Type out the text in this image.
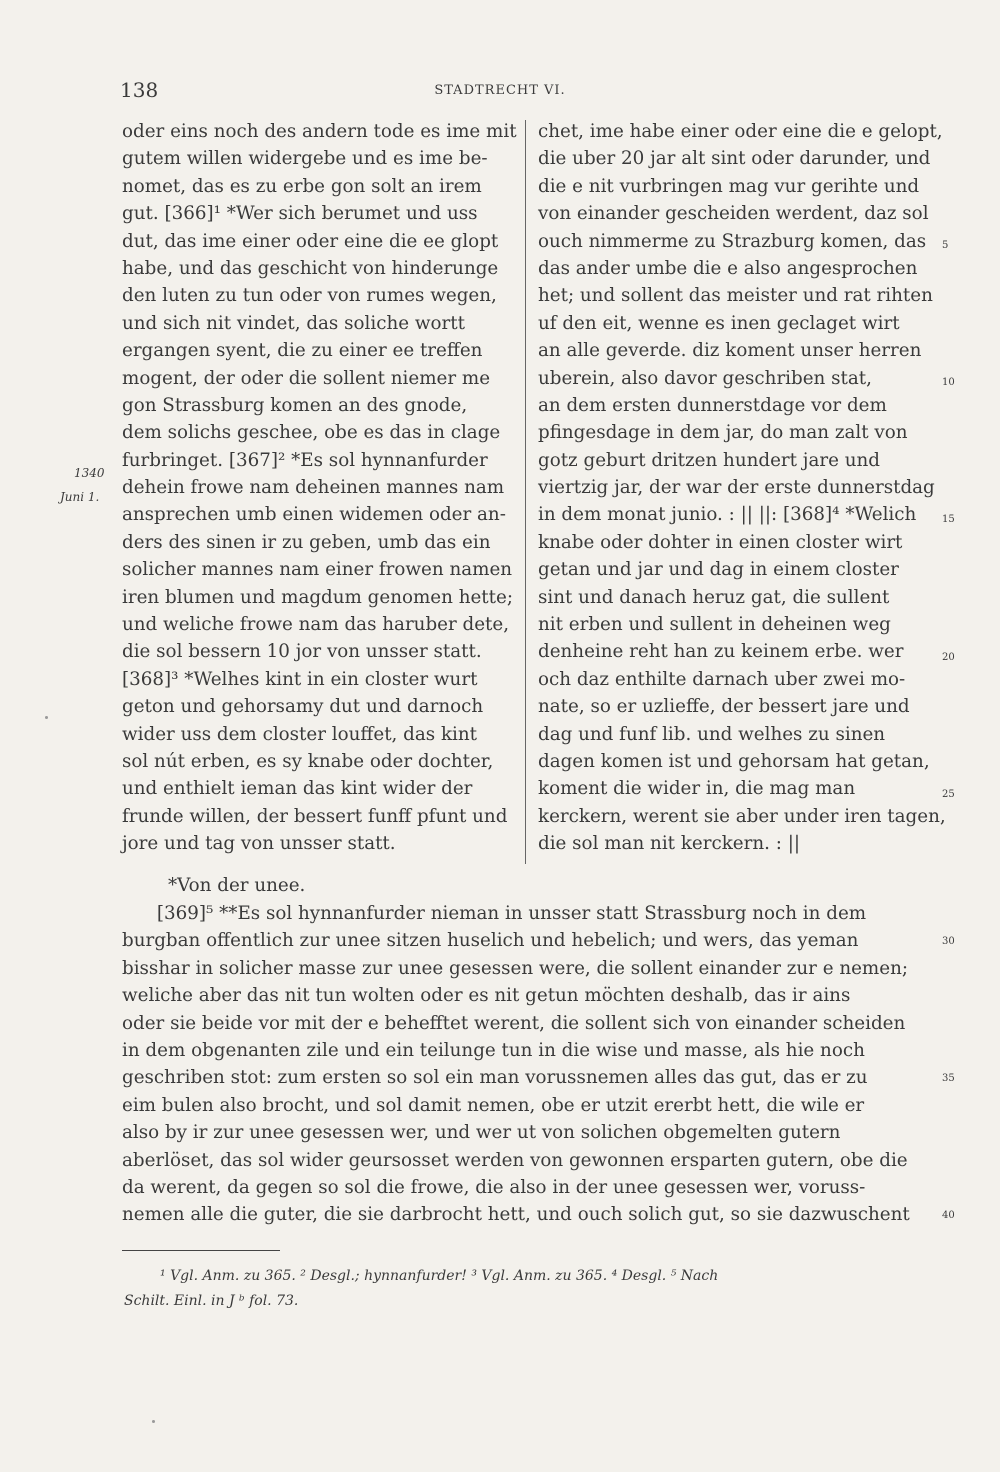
138	STADTRECHT VI.
oder eins noch des andern tode es ime mit
gutem willen widergebe und es ime be-
nomet, das es zu erbe gon solt an irem
gut. [366]¹ *Wer sich berumet und uss
dut, das ime einer oder eine die ee glopt
habe, und das geschicht von hinderunge
den luten zu tun oder von rumes wegen,
und sich nit vindet, das soliche wortt
ergangen syent, die zu einer ee treffen
mogent, der oder die sollent niemer me
gon Strassburg komen an des gnode,
dem solichs geschee, obe es das in clage
furbringet. [367]² *Es sol hynnanfurder
dehein frowe nam deheinen mannes nam
ansprechen umb einen widemen oder an-
ders des sinen ir zu geben, umb das ein
solicher mannes nam einer frowen namen
iren blumen und magdum genomen hette;
und weliche frowe nam das haruber dete,
die sol bessern 10 jor von unsser statt.
[368]³ *Welhes kint in ein closter wurt
geton und gehorsamy dut und darnoch
wider uss dem closter louffet, das kint
sol nút erben, es sy knabe oder dochter,
und enthielt ieman das kint wider der
frunde willen, der bessert funff pfunt und
jore und tag von unsser statt.
chet, ime habe einer oder eine die e gelopt,
die uber 20 jar alt sint oder darunder, und
die e nit vurbringen mag vur gerihte und
von einander gescheiden werdent, daz sol
ouch nimmerme zu Strazburg komen, das
das ander umbe die e also angesprochen
het; und sollent das meister und rat rihten
uf den eit, wenne es inen geclaget wirt
an alle geverde. diz koment unser herren
uberein, also davor geschriben stat,
an dem ersten dunnerstdage vor dem
pfingesdage in dem jar, do man zalt von
gotz geburt dritzen hundert jare und
viertzig jar, der war der erste dunnerstdag
in dem monat junio. : || ||: [368]⁴ *Welich
knabe oder dohter in einen closter wirt
getan und jar und dag in einem closter
sint und danach heruz gat, die sullent
nit erben und sullent in deheinen weg
denheine reht han zu keinem erbe. wer
och daz enthilte darnach uber zwei mo-
nate, so er uzlieffe, der bessert jare und
dag und funf lib. und welhes zu sinen
dagen komen ist und gehorsam hat getan,
koment die wider in, die mag man
kerckern, werent sie aber under iren tagen,
die sol man nit kerckern. : ||
1340
Juni 1.
*Von der unee.
[369]⁵ **Es sol hynnanfurder nieman in unsser statt Strassburg noch in dem
burgban offentlich zur unee sitzen huselich und hebelich; und wers, das yeman
bisshar in solicher masse zur unee gesessen were, die sollent einander zur e nemen;
weliche aber das nit tun wolten oder es nit getun möchten deshalb, das ir ains
oder sie beide vor mit der e behefftet werent, die sollent sich von einander scheiden
in dem obgenanten zile und ein teilunge tun in die wise und masse, als hie noch
geschriben stot: zum ersten so sol ein man vorussnemen alles das gut, das er zu
eim bulen also brocht, und sol damit nemen, obe er utzit ererbt hett, die wile er
also by ir zur unee gesessen wer, und wer ut von solichen obgemelten gutern
aberlöset, das sol wider geursosset werden von gewonnen ersparten gutern, obe die
da werent, da gegen so sol die frowe, die also in der unee gesessen wer, voruss-
nemen alle die guter, die sie darbrocht hett, und ouch solich gut, so sie dazwuschent
5
10
15
20
25
30
35
40
¹ Vgl. Anm. zu 365. ² Desgl.; hynnanfurder! ³ Vgl. Anm. zu 365. ⁴ Desgl. ⁵ Nach
Schilt. Einl. in J ᵇ fol. 73.
